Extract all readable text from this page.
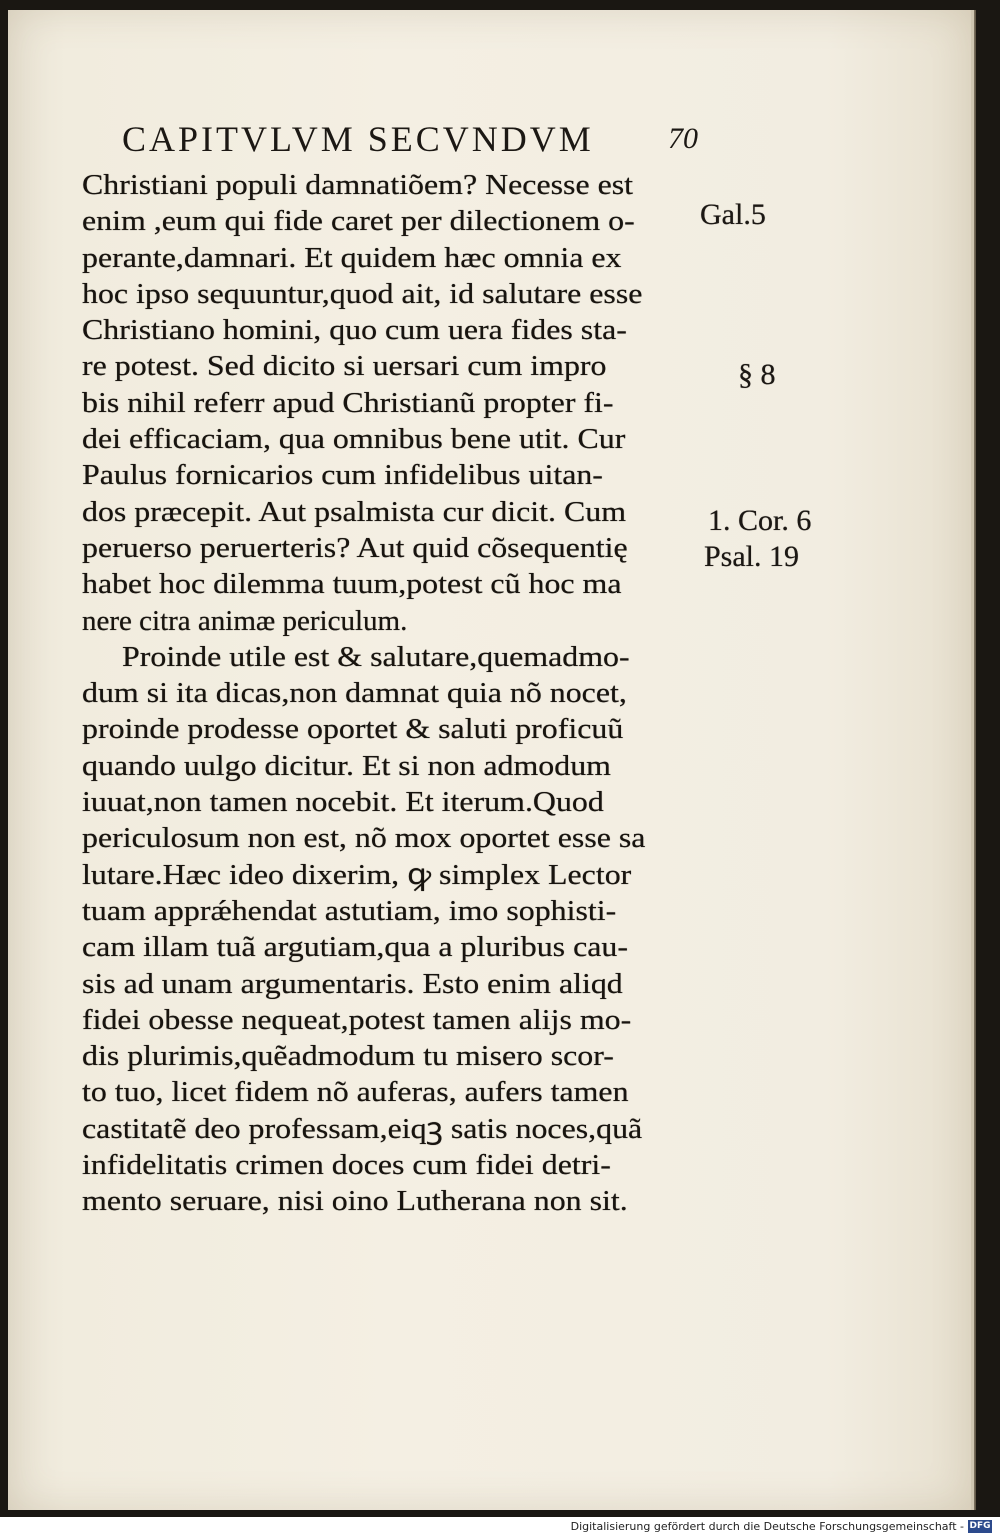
CAPITVLVM SECVNDVM 70
Christiani populi damnatiõem? Necesse est
enim ,eum qui fide caret per dilectionem o-
perante,damnari. Et quidem hæc omnia ex
hoc ipso sequuntur,quod ait, id salutare esse
Christiano homini, quo cum uera fides sta-
re potest. Sed dicito si uersari cum impro
bis nihil referr apud Christianũ propter fi-
dei efficaciam, qua omnibus bene utit. Cur
Paulus fornicarios cum infidelibus uitan-
dos præcepit. Aut psalmista cur dicit. Cum
peruerso peruerteris? Aut quid cõsequentię
habet hoc dilemma tuum,potest cũ hoc ma
nere citra animæ periculum.
Proinde utile est & salutare,quemadmo-
dum si ita dicas,non damnat quia nõ nocet,
proinde prodesse oportet & saluti proficuũ
quando uulgo dicitur. Et si non admodum
iuuat,non tamen nocebit. Et iterum.Quod
periculosum non est, nõ mox oportet esse sa
lutare.Hæc ideo dixerim, ꝙ simplex Lector
tuam apprǽhendat astutiam, imo sophisti-
cam illam tuã argutiam,qua a pluribus cau-
sis ad unam argumentaris. Esto enim aliqd
fidei obesse nequeat,potest tamen alijs mo-
dis plurimis,quẽadmodum tu misero scor-
to tuo, licet fidem nõ auferas, aufers tamen
castitatẽ deo professam,eiqꝫ satis noces,quã
infidelitatis crimen doces cum fidei detri-
mento seruare, nisi oino Lutherana non sit.
Gal.5
§ 8
1. Cor. 6
Psal. 19
Digitalisierung gefördert durch die Deutsche Forschungsgemeinschaft - DFG
